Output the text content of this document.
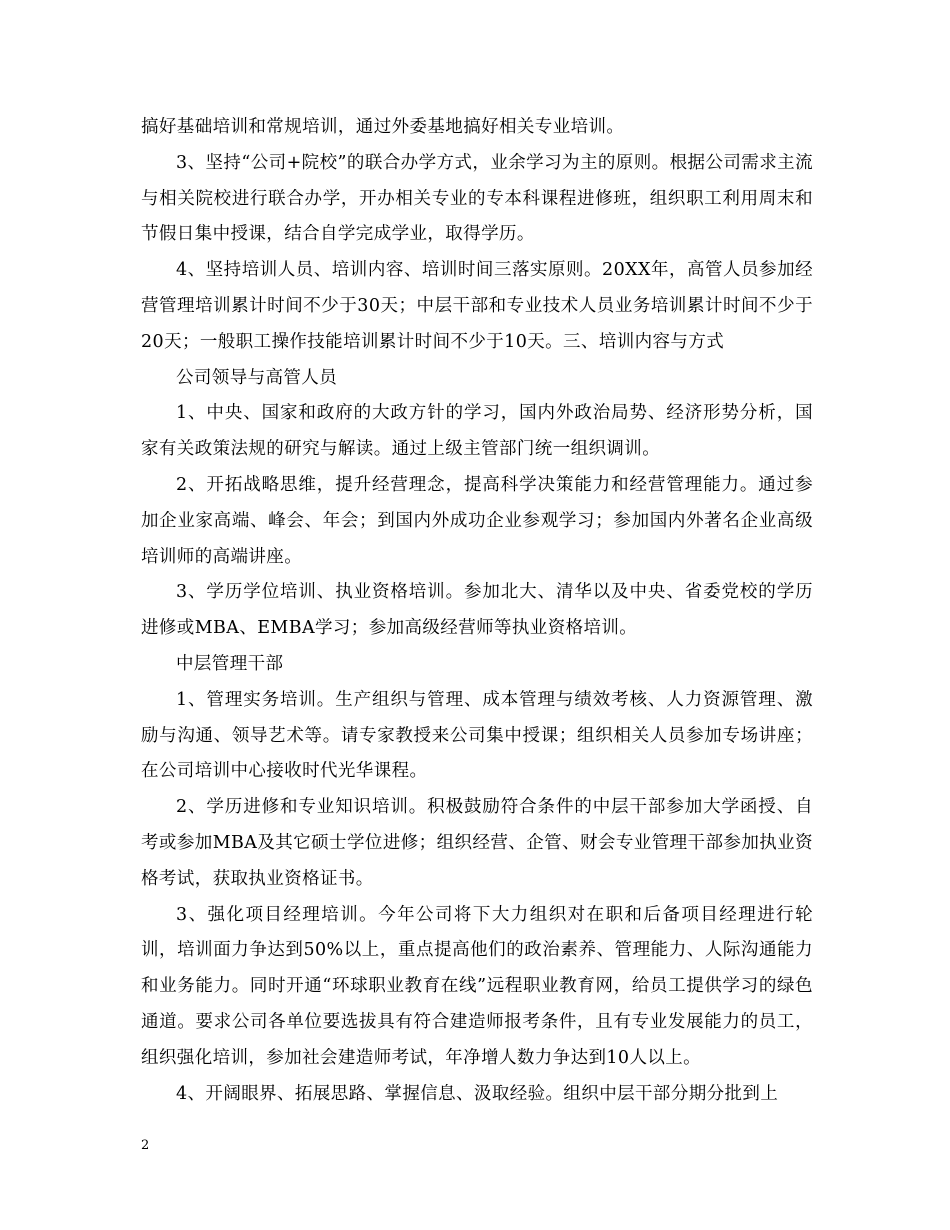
搞好基础培训和常规培训，通过外委基地搞好相关专业培训。

3、坚持“公司+院校”的联合办学方式，业余学习为主的原则。根据公司需求主流与相关院校进行联合办学，开办相关专业的专本科课程进修班，组织职工利用周末和节假日集中授课，结合自学完成学业，取得学历。

4、坚持培训人员、培训内容、培训时间三落实原则。20XX年，高管人员参加经营管理培训累计时间不少于30天；中层干部和专业技术人员业务培训累计时间不少于20天；一般职工操作技能培训累计时间不少于10天。三、培训内容与方式

公司领导与高管人员

1、中央、国家和政府的大政方针的学习，国内外政治局势、经济形势分析，国家有关政策法规的研究与解读。通过上级主管部门统一组织调训。

2、开拓战略思维，提升经营理念，提高科学决策能力和经营管理能力。通过参加企业家高端、峰会、年会；到国内外成功企业参观学习；参加国内外著名企业高级培训师的高端讲座。

3、学历学位培训、执业资格培训。参加北大、清华以及中央、省委党校的学历进修或MBA、EMBA学习；参加高级经营师等执业资格培训。

中层管理干部

1、管理实务培训。生产组织与管理、成本管理与绩效考核、人力资源管理、激励与沟通、领导艺术等。请专家教授来公司集中授课；组织相关人员参加专场讲座；在公司培训中心接收时代光华课程。

2、学历进修和专业知识培训。积极鼓励符合条件的中层干部参加大学函授、自考或参加MBA及其它硕士学位进修；组织经营、企管、财会专业管理干部参加执业资格考试，获取执业资格证书。

3、强化项目经理培训。今年公司将下大力组织对在职和后备项目经理进行轮训，培训面力争达到50%以上，重点提高他们的政治素养、管理能力、人际沟通能力和业务能力。同时开通“环球职业教育在线”远程职业教育网，给员工提供学习的绿色通道。要求公司各单位要选拔具有符合建造师报考条件，且有专业发展能力的员工，组织强化培训，参加社会建造师考试，年净增人数力争达到10人以上。

4、开阔眼界、拓展思路、掌握信息、汲取经验。组织中层干部分期分批到上

2
